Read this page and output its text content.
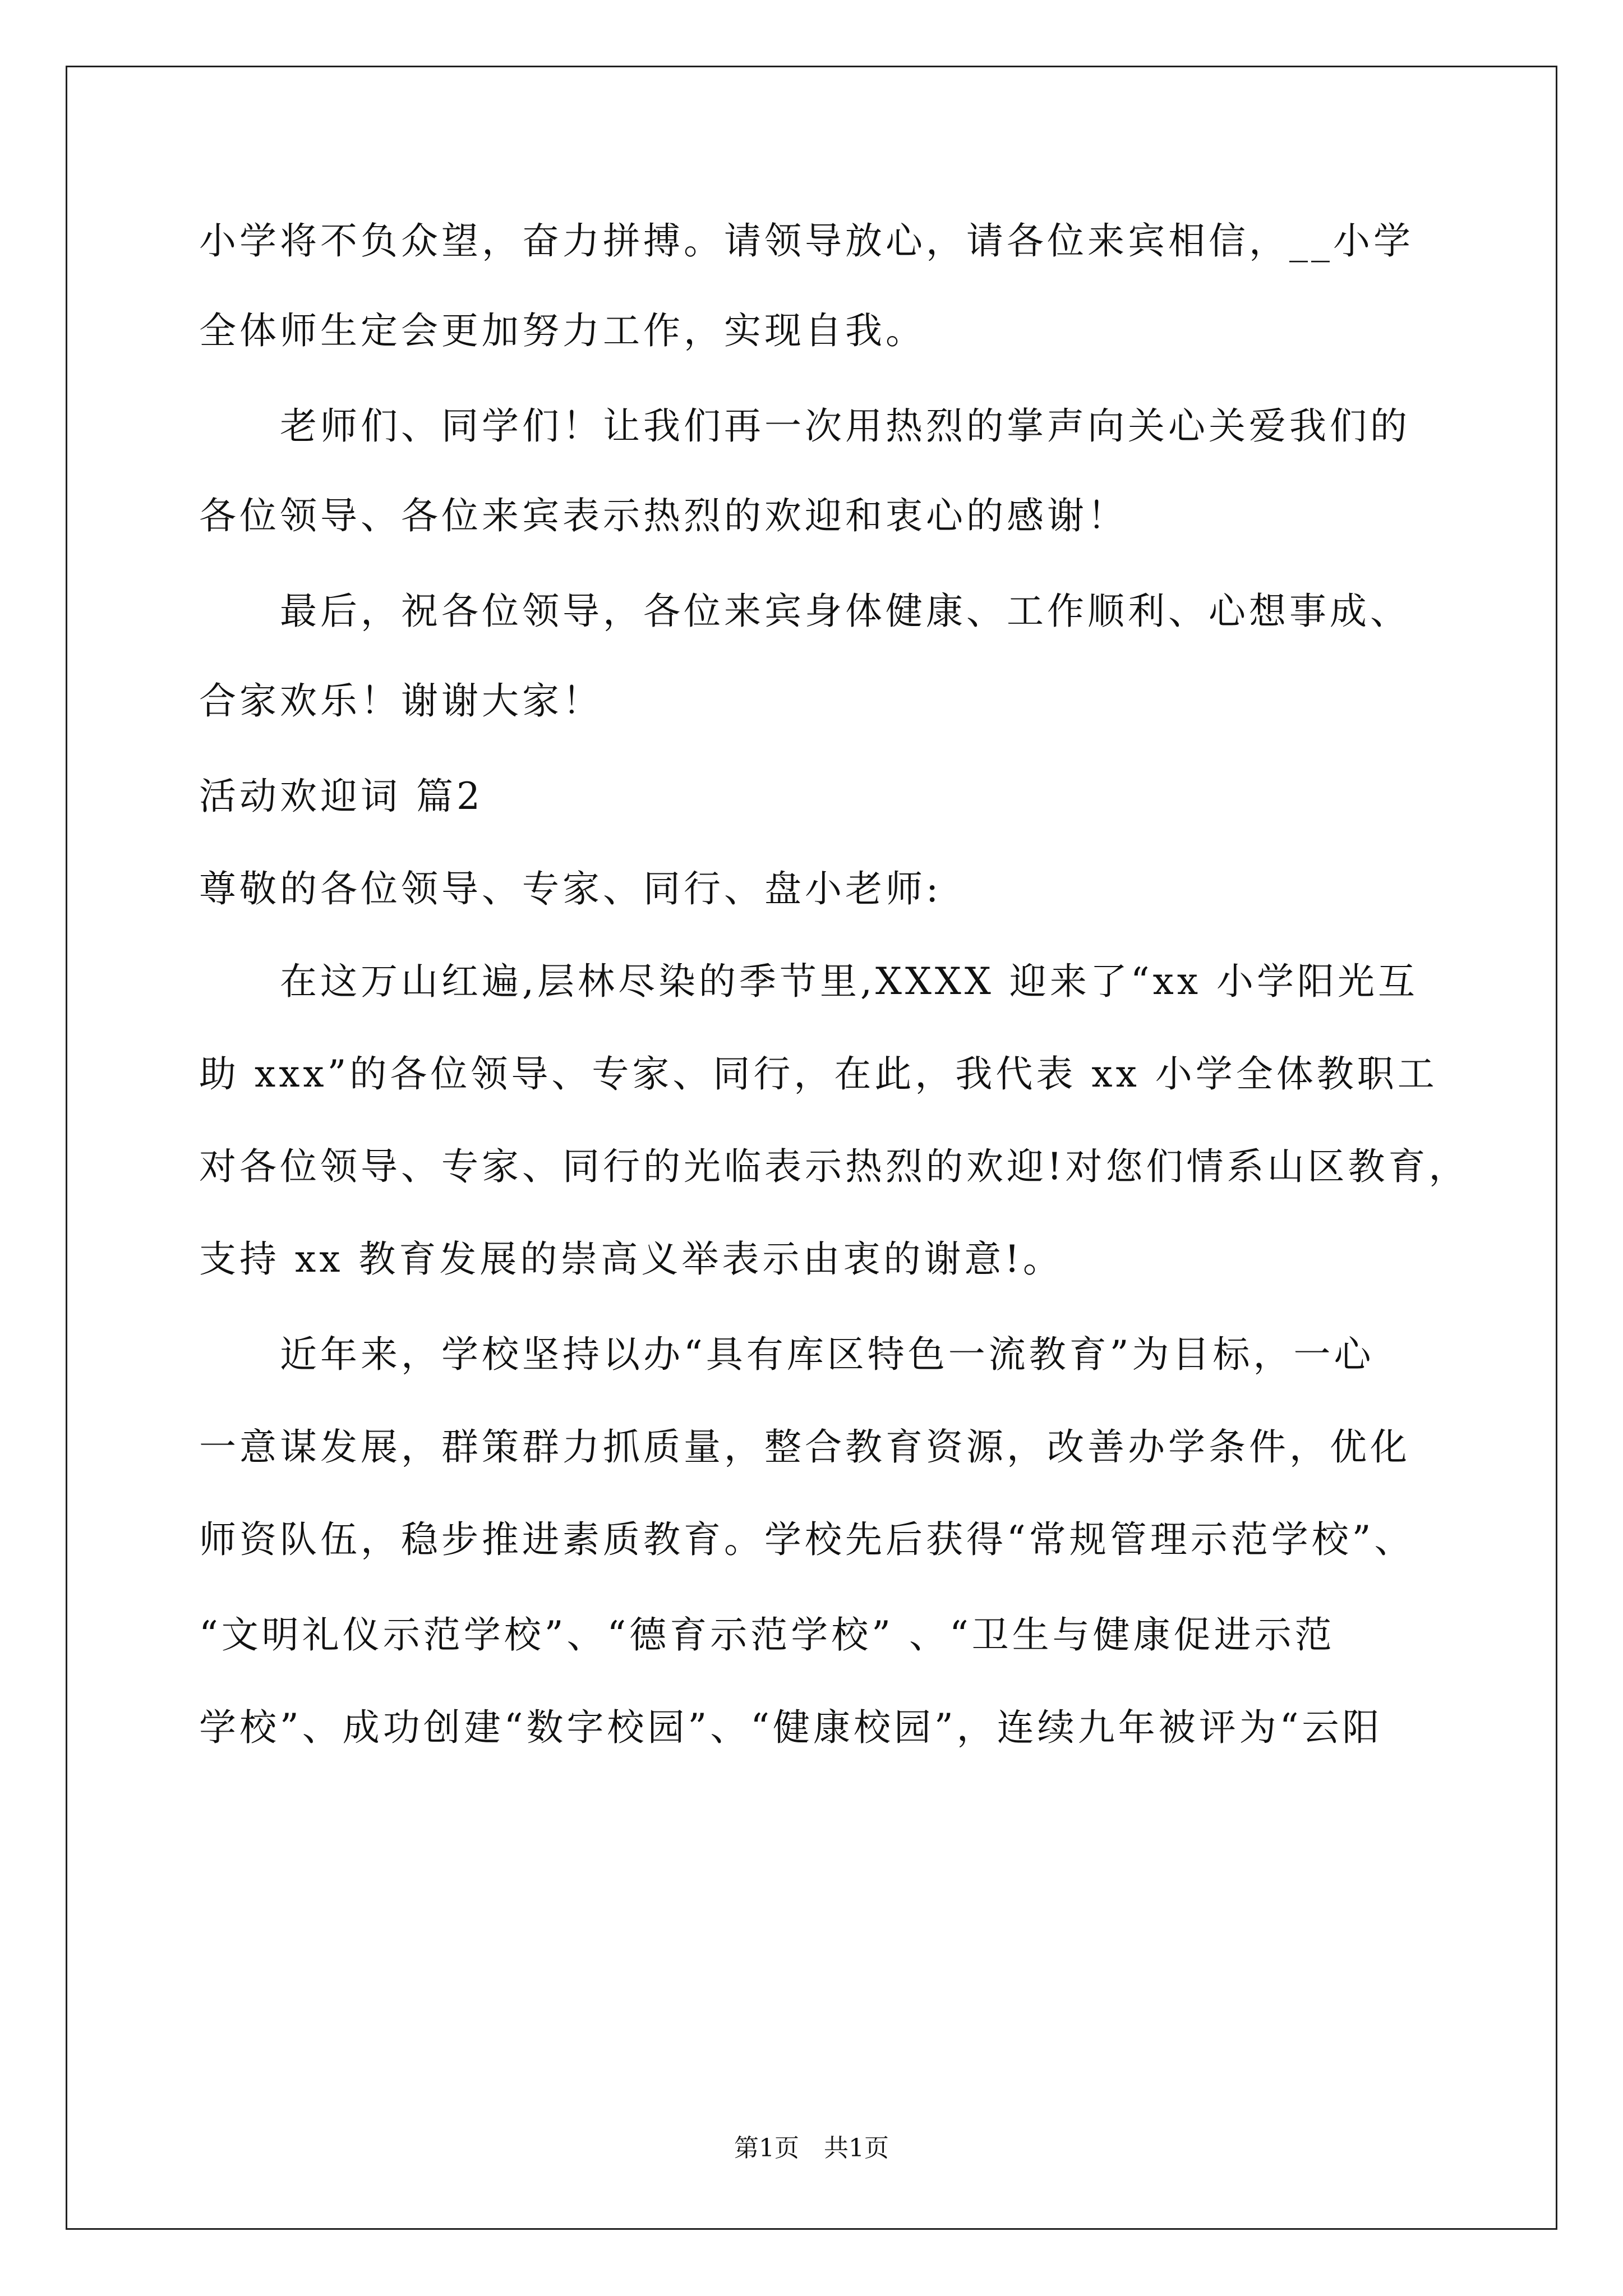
小学将不负众望，奋力拼搏。请领导放心，请各位来宾相信，__小学
全体师生定会更加努力工作，实现自我。
　　老师们、同学们！让我们再一次用热烈的掌声向关心关爱我们的
各位领导、各位来宾表示热烈的欢迎和衷心的感谢！
　　最后，祝各位领导，各位来宾身体健康、工作顺利、心想事成、
合家欢乐！谢谢大家！
活动欢迎词 篇2
尊敬的各位领导、专家、同行、盘小老师:
　　在这万山红遍,层林尽染的季节里,XXXX 迎来了“xx 小学阳光互
助 xxx”的各位领导、专家、同行，在此，我代表 xx 小学全体教职工
对各位领导、专家、同行的光临表示热烈的欢迎!对您们情系山区教育，
支持 xx 教育发展的崇高义举表示由衷的谢意!。
　　近年来，学校坚持以办“具有库区特色一流教育”为目标，一心
一意谋发展，群策群力抓质量，整合教育资源，改善办学条件，优化
师资队伍，稳步推进素质教育。学校先后获得“常规管理示范学校”、
“文明礼仪示范学校”、“德育示范学校” 、“卫生与健康促进示范
学校”、成功创建“数字校园”、“健康校园”，连续九年被评为“云阳
第1页　共1页
